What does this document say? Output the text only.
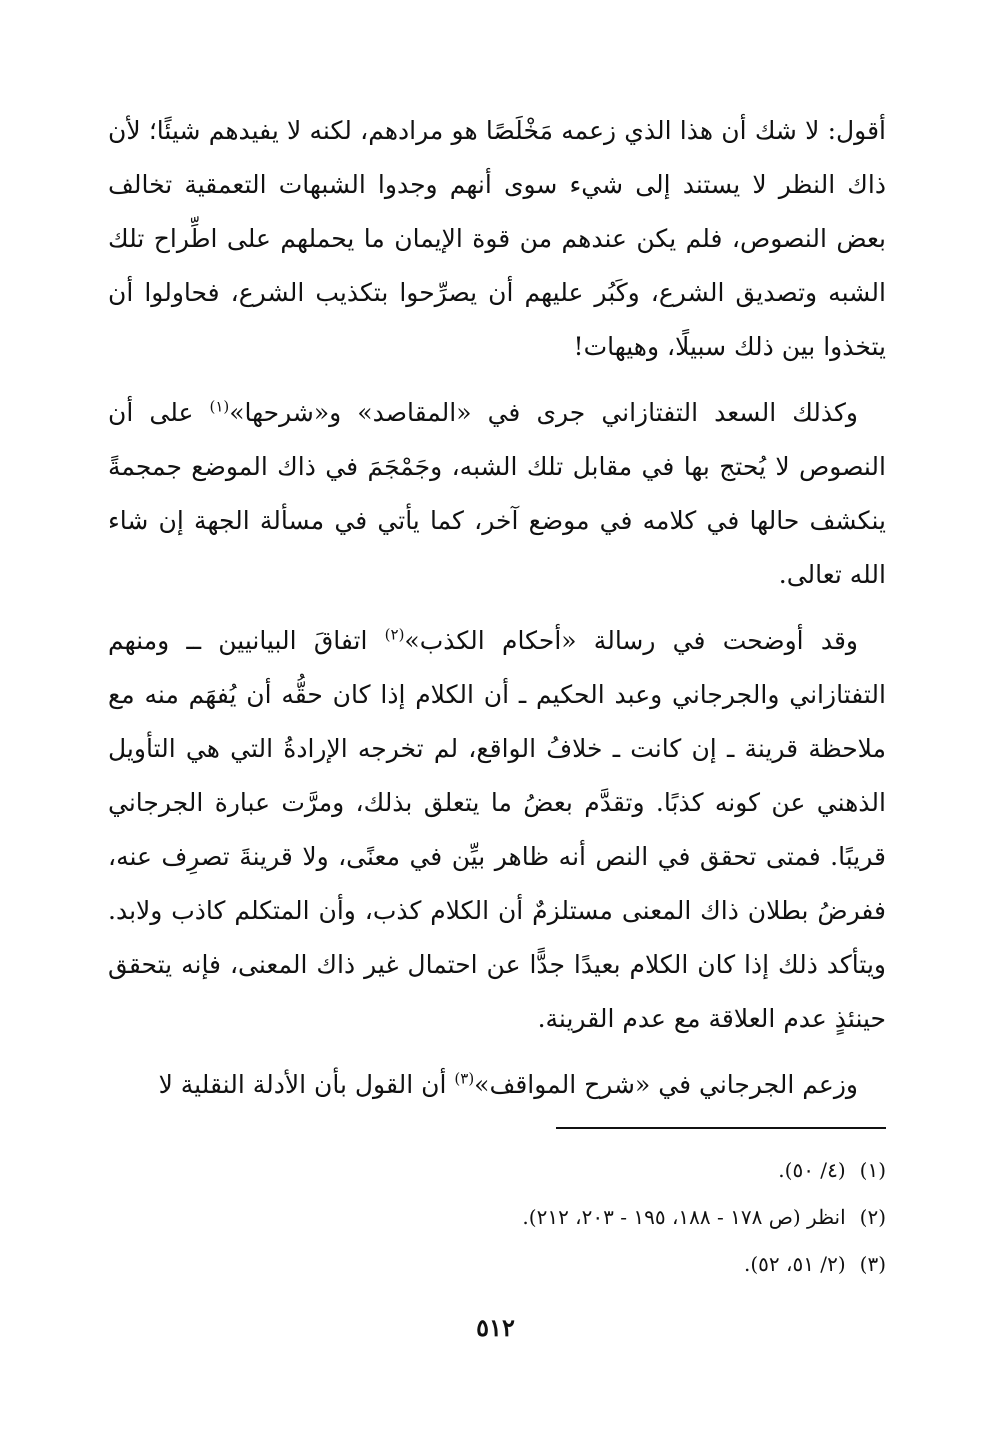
أقول: لا شك أن هذا الذي زعمه مَخْلَصًا هو مرادهم، لكنه لا يفيدهم شيئًا؛ لأن ذاك النظر لا يستند إلى شيء سوى أنهم وجدوا الشبهات التعمقية تخالف بعض النصوص، فلم يكن عندهم من قوة الإيمان ما يحملهم على اطِّراح تلك الشبه وتصديق الشرع، وكَبُر عليهم أن يصرِّحوا بتكذيب الشرع، فحاولوا أن يتخذوا بين ذلك سبيلًا، وهيهات!

وكذلك السعد التفتازاني جرى في «المقاصد» و«شرحها»$^{(١)}$ على أن النصوص لا يُحتج بها في مقابل تلك الشبه، وجَمْجَمَ في ذاك الموضع جمجمةً ينكشف حالها في كلامه في موضع آخر، كما يأتي في مسألة الجهة إن شاء الله تعالى.

وقد أوضحت في رسالة «أحكام الكذب»$^{(٢)}$ اتفاقَ البيانيين ــ ومنهم التفتازاني والجرجاني وعبد الحكيم ـ أن الكلام إذا كان حقُّه أن يُفهَم منه مع ملاحظة قرينة ـ إن كانت ـ خلافُ الواقع، لم تخرجه الإرادةُ التي هي التأويل الذهني عن كونه كذبًا. وتقدَّم بعضُ ما يتعلق بذلك، ومرَّت عبارة الجرجاني قريبًا. فمتى تحقق في النص أنه ظاهر بيِّن في معنًى، ولا قرينةَ تصرِف عنه، ففرضُ بطلان ذاك المعنى مستلزمٌ أن الكلام كذب، وأن المتكلم كاذب ولابد. ويتأكد ذلك إذا كان الكلام بعيدًا جدًّا عن احتمال غير ذاك المعنى، فإنه يتحقق حينئذٍ عدم العلاقة مع عدم القرينة.

وزعم الجرجاني في «شرح المواقف»$^{(٣)}$ أن القول بأن الأدلة النقلية لا

(١)(٤/ ٥٠).
(٢)انظر (ص ١٧٨ - ١٨٨، ١٩٥ - ٢٠٣، ٢١٢).
(٣)(٢/ ٥١، ٥٢).
٥١٢
